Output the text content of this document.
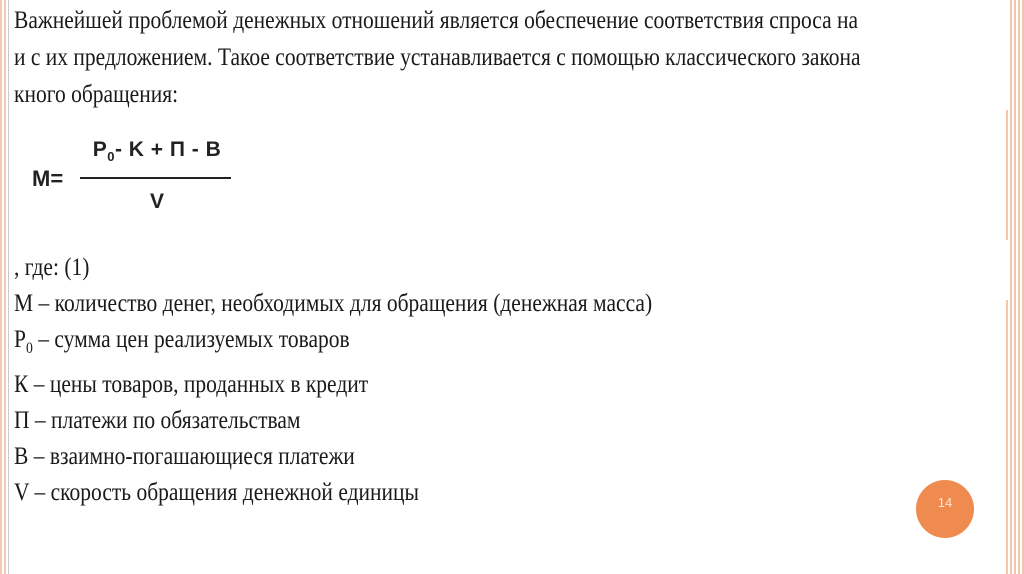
Важнейшей проблемой денежных отношений является обеспечение соответствия спроса на
и с их предложением. Такое соответствие устанавливается с помощью классического закона
кного обращения:
M=
$P_0-$ K + П - B
V
, где: (1)
M – количество денег, необходимых для обращения (денежная масса)
$P_0$ – сумма цен реализуемых товаров
К – цены товаров, проданных в кредит
П – платежи по обязательствам
В – взаимно-погашающиеся платежи
V – скорость обращения денежной единицы	14
